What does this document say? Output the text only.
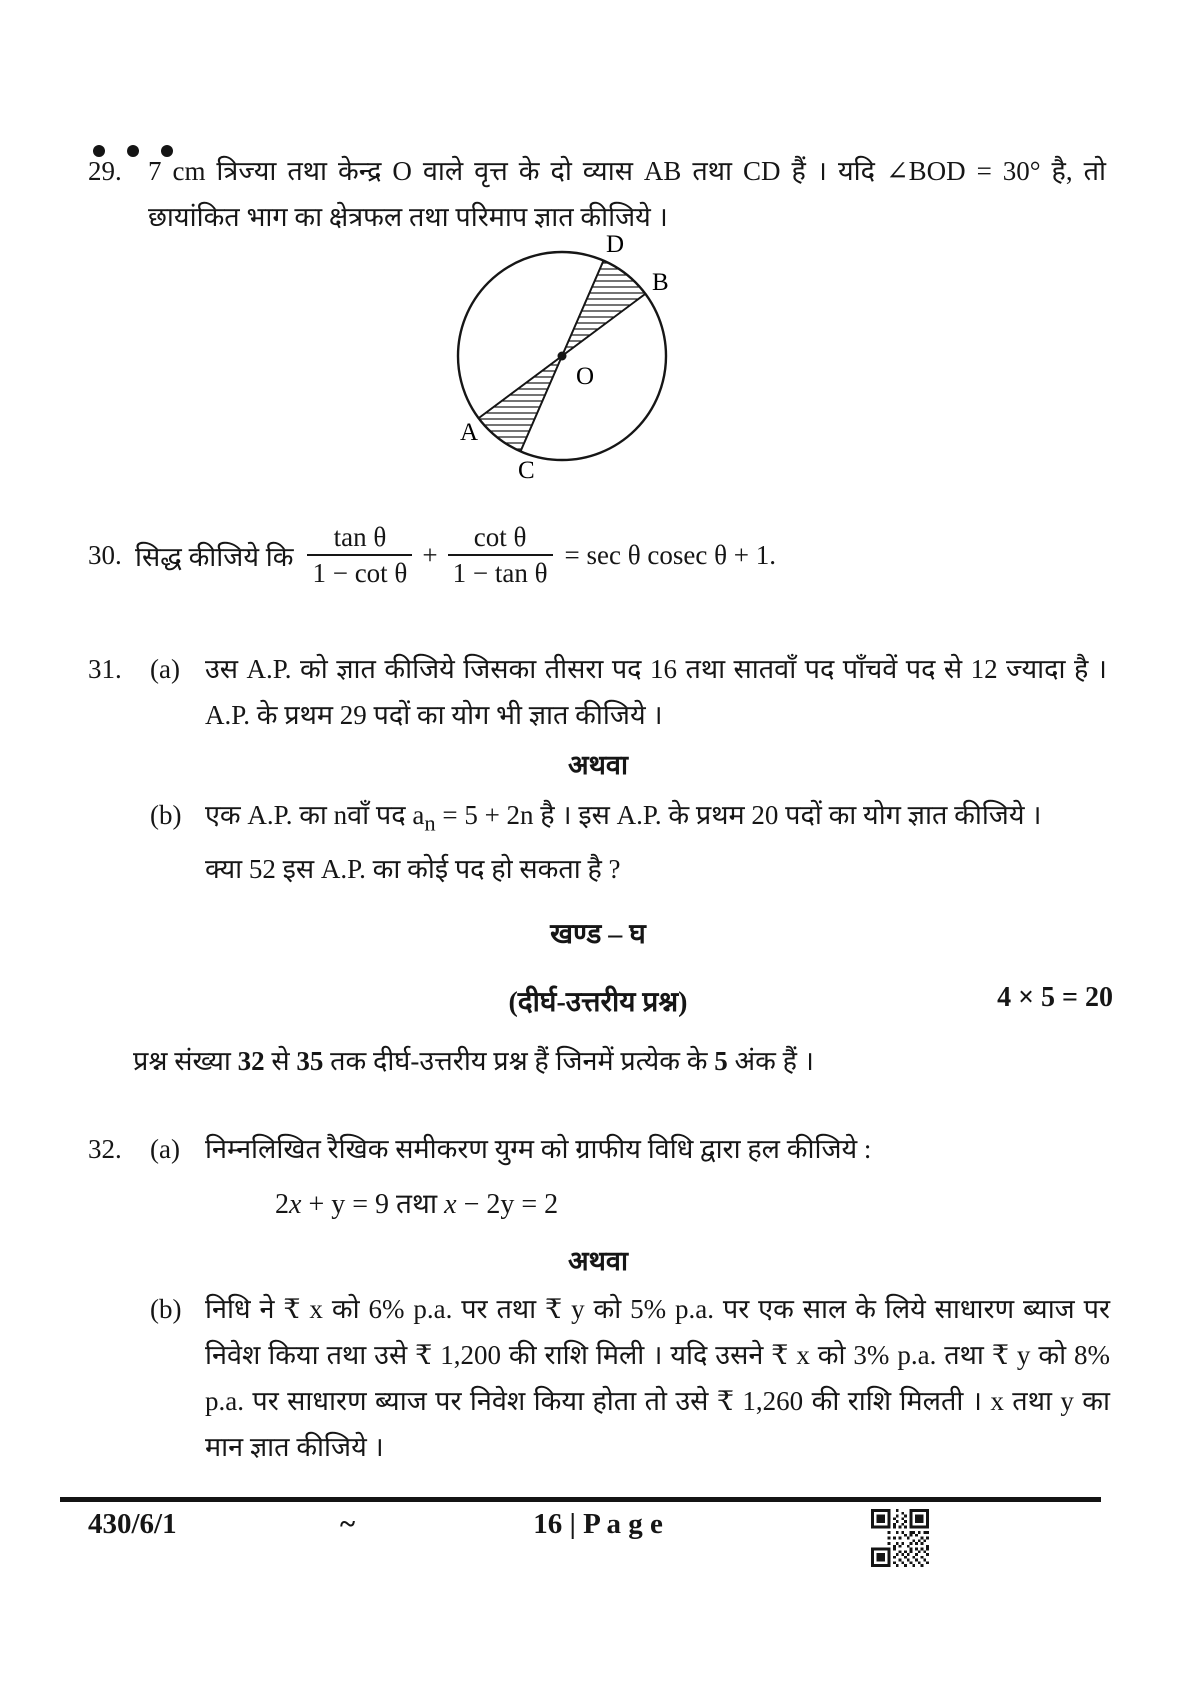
29. 7 cm त्रिज्या तथा केन्द्र O वाले वृत्त के दो व्यास AB तथा CD हैं । यदि ∠BOD = 30° है, तो छायांकित भाग का क्षेत्रफल तथा परिमाप ज्ञात कीजिये ।

D
B
A
C
O
30. सिद्ध कीजिये कि $\frac{\text{tan θ}}{\text{1 − cot θ}} + \frac{\text{cot θ}}{\text{1 − tan θ}} = \sec \theta$ cosec θ + 1.
31. (a) उस A.P. को ज्ञात कीजिये जिसका तीसरा पद 16 तथा सातवाँ पद पाँचवें पद से 12 ज्यादा है । A.P. के प्रथम 29 पदों का योग भी ज्ञात कीजिये ।

अथवा
(b) एक A.P. का nवाँ पद $a_n = 5 + 2n$ है । इस A.P. के प्रथम 20 पदों का योग ज्ञात कीजिये ।
क्या 52 इस A.P. का कोई पद हो सकता है ?
खण्ड – घ
(दीर्घ-उत्तरीय प्रश्न)	4 × 5 = 20
प्रश्न संख्या 32 से 35 तक दीर्घ-उत्तरीय प्रश्न हैं जिनमें प्रत्येक के 5 अंक हैं ।
32. (a) निम्नलिखित रैखिक समीकरण युग्म को ग्राफीय विधि द्वारा हल कीजिये :

2x + y = 9 तथा x − 2y = 2
अथवा
(b) निधि ने ₹ x को 6% p.a. पर तथा ₹ y को 5% p.a. पर एक साल के लिये साधारण ब्याज पर निवेश किया तथा उसे ₹ 1,200 की राशि मिली । यदि उसने ₹ x को 3% p.a. तथा ₹ y को 8% p.a. पर साधारण ब्याज पर निवेश किया होता तो उसे ₹ 1,260 की राशि मिलती । x तथा y का मान ज्ञात कीजिये ।

430/6/1	~	16 | P a g e
